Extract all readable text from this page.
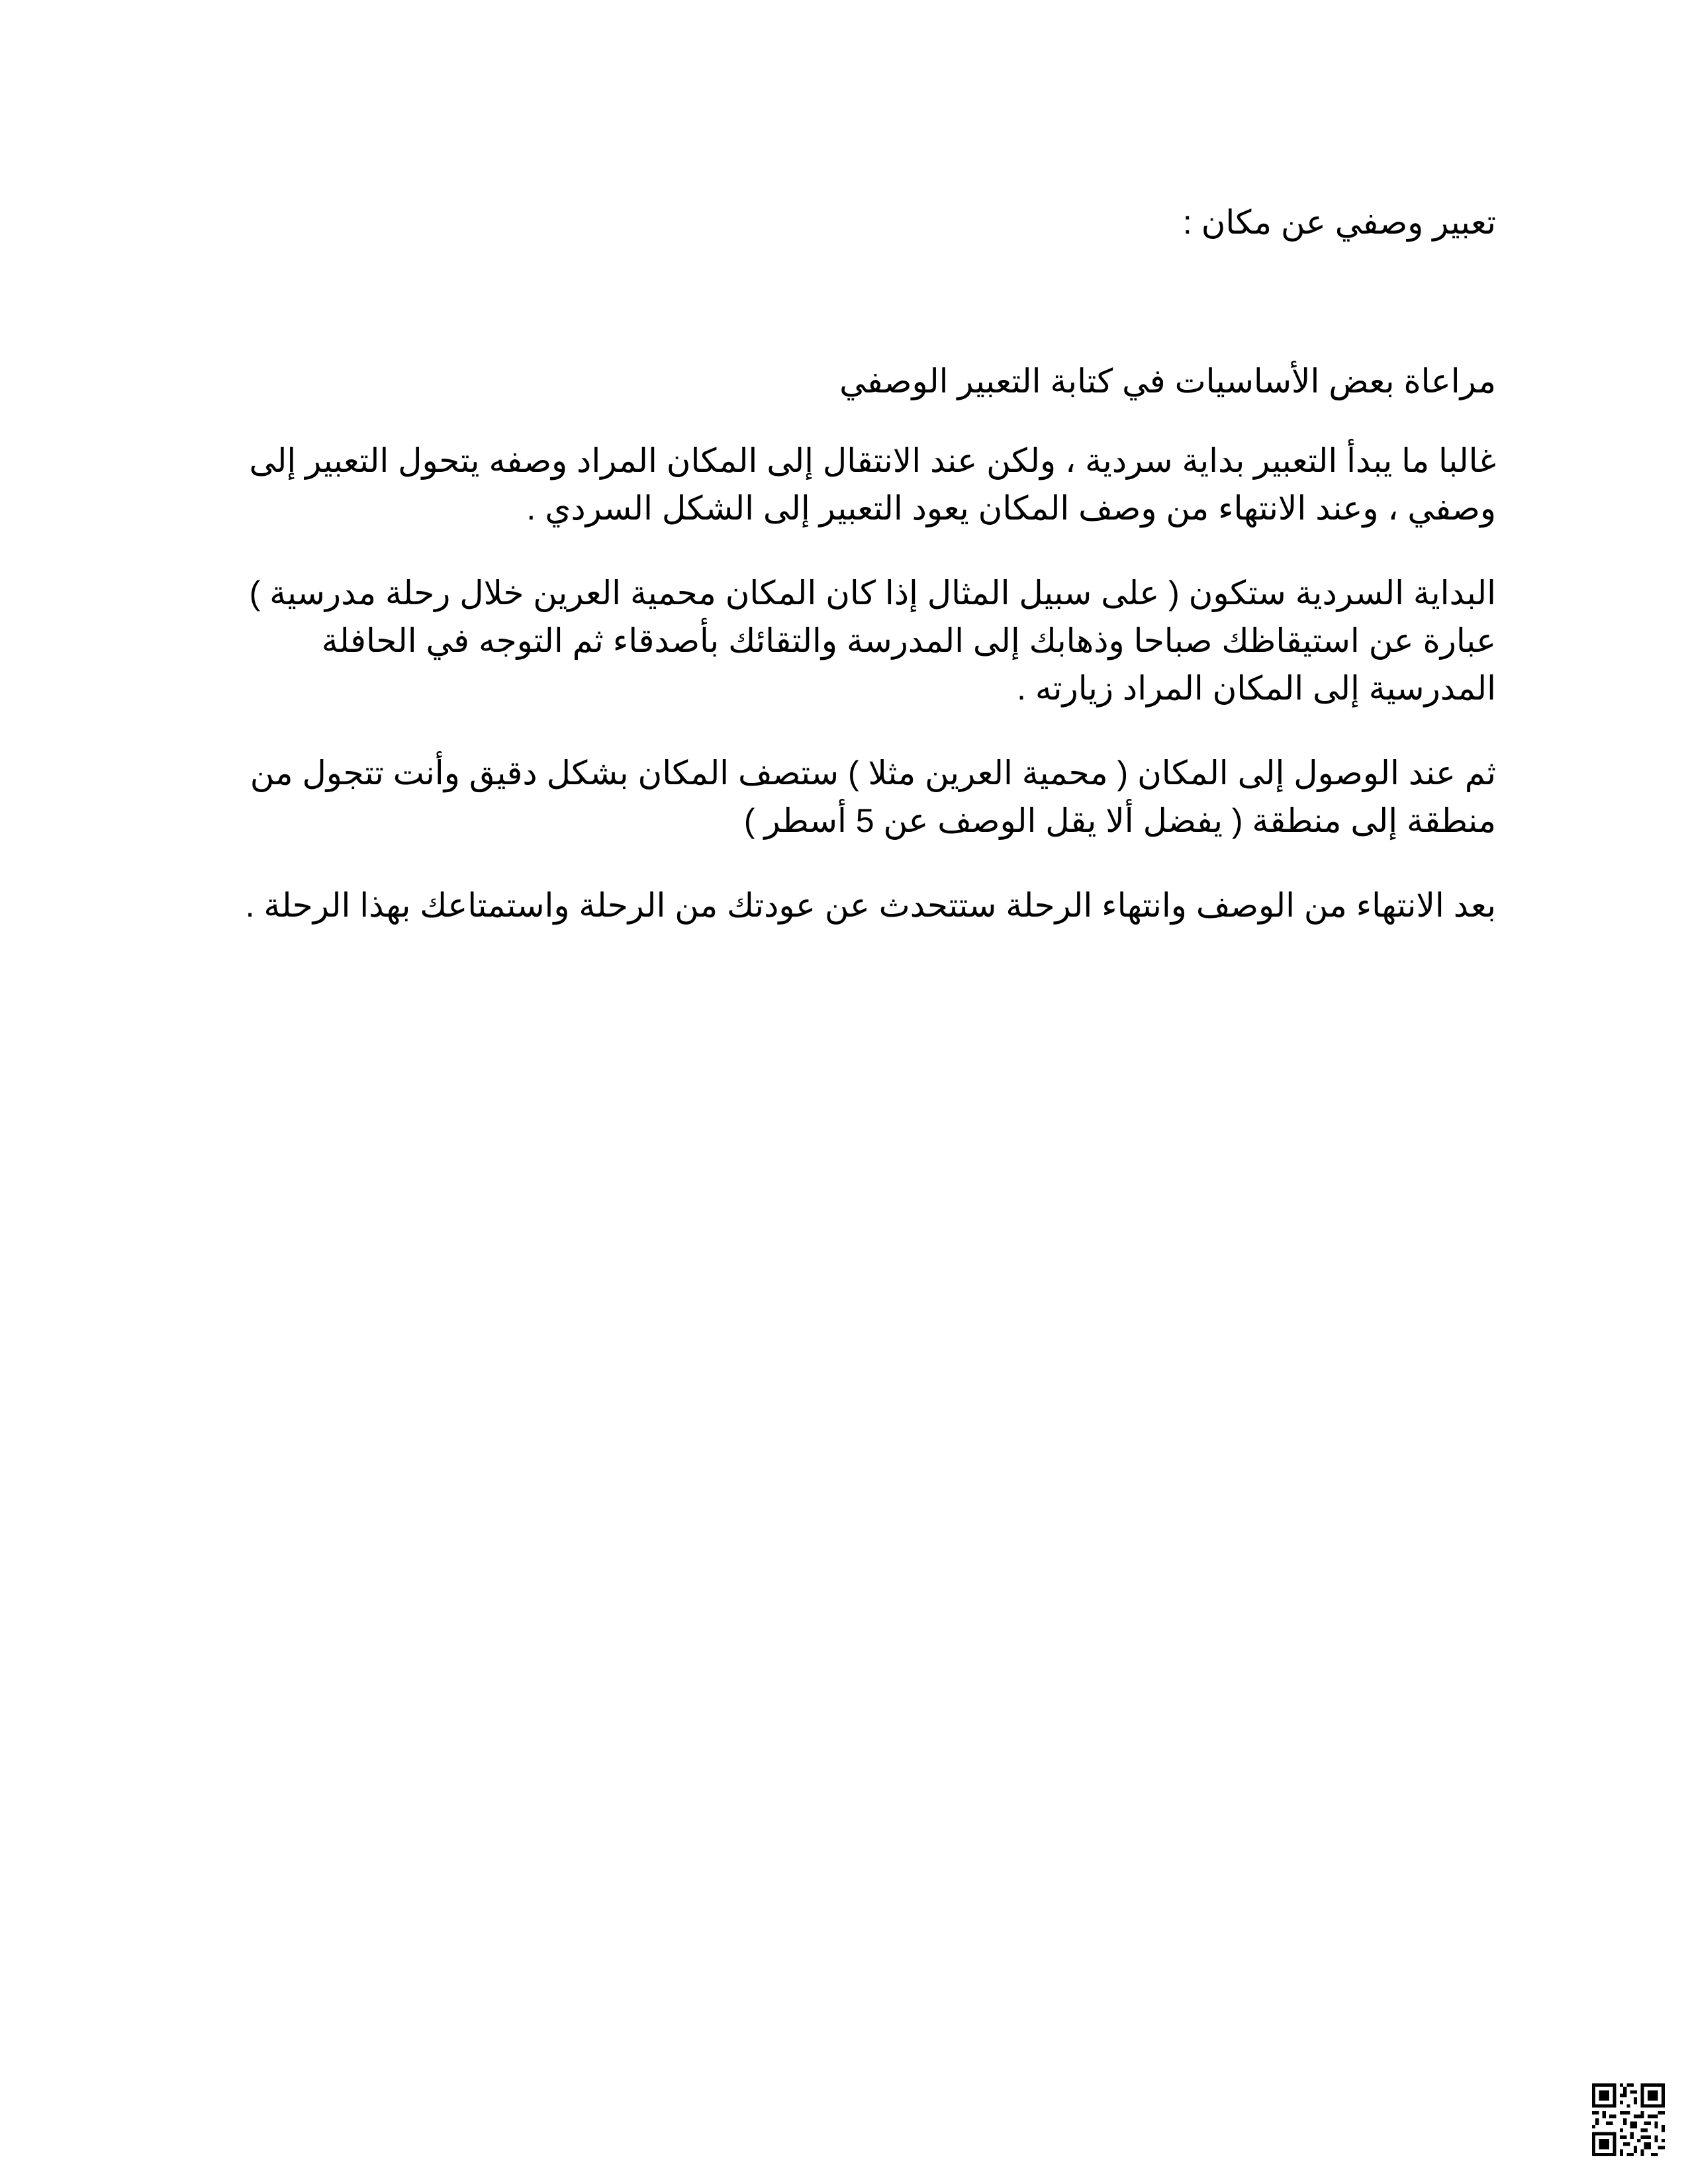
تعبير وصفي عن مكان :

مراعاة بعض الأساسيات في كتابة التعبير الوصفي

غالبا ما يبدأ التعبير بداية سردية ، ولكن عند الانتقال إلى المكان المراد وصفه يتحول التعبير إلى وصفي ، وعند الانتهاء من وصف المكان يعود التعبير إلى الشكل السردي .

البداية السردية ستكون ( على سبيل المثال إذا كان المكان محمية العرين خلال رحلة مدرسية ) عبارة عن استيقاظك صباحا وذهابك إلى المدرسة والتقائك بأصدقاء ثم التوجه في الحافلة المدرسية إلى المكان المراد زيارته .

ثم عند الوصول إلى المكان ( محمية العرين مثلا ) ستصف المكان بشكل دقيق وأنت تتجول من منطقة إلى منطقة ( يفضل ألا يقل الوصف عن 5 أسطر )

بعد الانتهاء من الوصف وانتهاء الرحلة ستتحدث عن عودتك من الرحلة واستمتاعك بهذا الرحلة .
